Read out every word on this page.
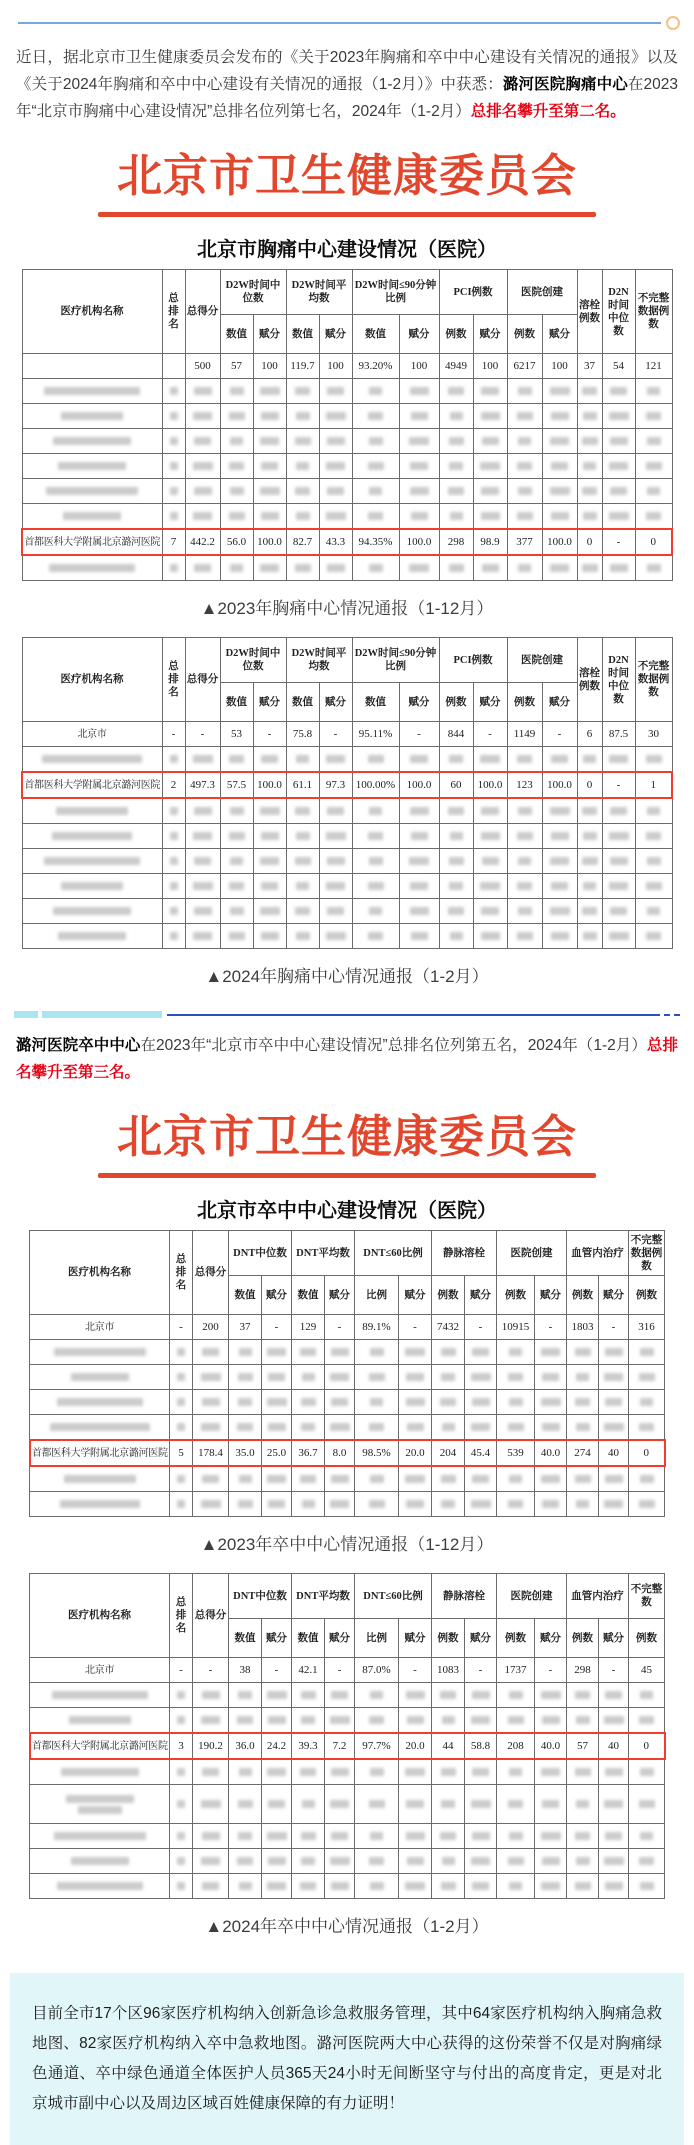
近日，据北京市卫生健康委员会发布的《关于2023年胸痛和卒中中心建设有关情况的通报》以及《关于2024年胸痛和卒中中心建设有关情况的通报（1-2月）》中获悉：潞河医院胸痛中心在2023年“北京市胸痛中心建设情况”总排名位列第七名，2024年（1-2月）总排名攀升至第二名。

北京市卫生健康委员会
北京市胸痛中心建设情况（医院）
医疗机构名称	总排名	总得分	D2W时间中位数		D2W时间平均数		D2W时间≤90分钟比例		PCI例数		医院创建		溶栓例数	D2N时间中位数	不完整数据例数
			数值	赋分	数值	赋分	数值	赋分	例数	赋分	例数	赋分			
		500	57	100	119.7	100	93.20%	100	4949	100	6217	100	37	54	121

首都医科大学附属北京潞河医院	7	442.2	56.0	100.0	82.7	43.3	94.35%	100.0	298	98.9	377	100.0	0	-	0

▲2023年胸痛中心情况通报（1-12月）
医疗机构名称	总排名	总得分	D2W时间中位数		D2W时间平均数		D2W时间≤90分钟比例		PCI例数		医院创建		溶栓例数	D2N时间中位数	不完整数据例数
			数值	赋分	数值	赋分	数值	赋分	例数	赋分	例数	赋分			
北京市	-	-	53	-	75.8	-	95.11%	-	844	-	1149	-	6	87.5	30

首都医科大学附属北京潞河医院	2	497.3	57.5	100.0	61.1	97.3	100.00%	100.0	60	100.0	123	100.0	0	-	1

▲2024年胸痛中心情况通报（1-2月）

潞河医院卒中中心在2023年“北京市卒中中心建设情况”总排名位列第五名，2024年（1-2月）总排名攀升至第三名。

北京市卫生健康委员会
北京市卒中中心建设情况（医院）
医疗机构名称	总排名	总得分	DNT中位数		DNT平均数		DNT≤60比例		静脉溶栓		医院创建		血管内治疗		不完整数据例数
			数值	赋分	数值	赋分	比例	赋分	例数	赋分	例数	赋分	例数	赋分	例数
北京市	-	200	37	-	129	-	89.1%	-	7432	-	10915	-	1803	-	316

首都医科大学附属北京潞河医院	5	178.4	35.0	25.0	36.7	8.0	98.5%	20.0	204	45.4	539	40.0	274	40	0

▲2023年卒中中心情况通报（1-12月）
医疗机构名称	总排名	总得分	DNT中位数		DNT平均数		DNT≤60比例		静脉溶栓		医院创建		血管内治疗		不完整数
			数值	赋分	数值	赋分	比例	赋分	例数	赋分	例数	赋分	例数	赋分	例数
北京市	-	-	38	-	42.1	-	87.0%	-	1083	-	1737	-	298	-	45

首都医科大学附属北京潞河医院	3	190.2	36.0	24.2	39.3	7.2	97.7%	20.0	44	58.8	208	40.0	57	40	0

▲2024年卒中中心情况通报（1-2月）
目前全市17个区96家医疗机构纳入创新急诊急救服务管理，其中64家医疗机构纳入胸痛急救地图、82家医疗机构纳入卒中急救地图。潞河医院两大中心获得的这份荣誉不仅是对胸痛绿色通道、卒中绿色通道全体医护人员365天24小时无间断坚守与付出的高度肯定，更是对北京城市副中心以及周边区域百姓健康保障的有力证明！
